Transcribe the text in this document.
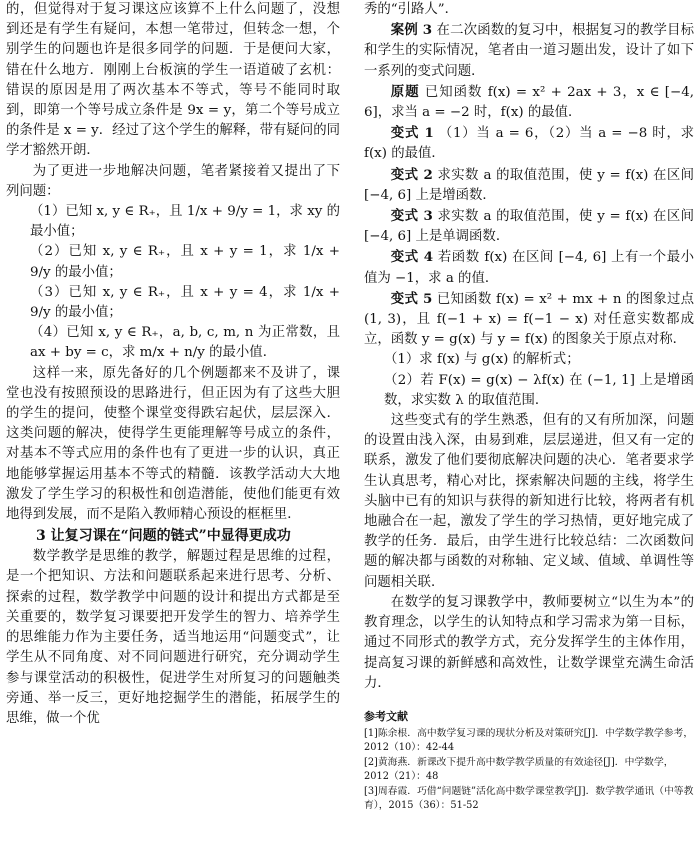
的，但觉得对于复习课这应该算不上什么问题了，没想到还是有学生有疑问，本想一笔带过，但转念一想，个别学生的问题也许是很多同学的问题．于是便问大家，错在什么地方．刚刚上台板演的学生一语道破了玄机：错误的原因是用了两次基本不等式，等号不能同时取到，即第一个等号成立条件是 9x = y，第二个等号成立的条件是 x = y．经过了这个学生的解释，带有疑问的同学才豁然开朗．

为了更进一步地解决问题，笔者紧接着又提出了下列问题：

（1）已知 x, y ∈ R₊，且 1/x + 9/y = 1，求 xy 的最小值；

（2）已知 x, y ∈ R₊，且 x + y = 1，求 1/x + 9/y 的最小值；

（3）已知 x, y ∈ R₊，且 x + y = 4，求 1/x + 9/y 的最小值；

（4）已知 x, y ∈ R₊，a, b, c, m, n 为正常数，且 ax + by = c，求 m/x + n/y 的最小值．

这样一来，原先备好的几个例题都来不及讲了，课堂也没有按照预设的思路进行，但正因为有了这些大胆的学生的提问，使整个课堂变得跌宕起伏，层层深入．这类问题的解决，使得学生更能理解等号成立的条件，对基本不等式应用的条件也有了更进一步的认识，真正地能够掌握运用基本不等式的精髓．该教学活动大大地激发了学生学习的积极性和创造潜能，使他们能更有效地得到发展，而不是陷入教师精心预设的框框里．

3 让复习课在“问题的链式”中显得更成功

数学教学是思维的教学，解题过程是思维的过程，是一个把知识、方法和问题联系起来进行思考、分析、探索的过程，数学教学中问题的设计和提出方式都是至关重要的，数学复习课要把开发学生的智力、培养学生的思维能力作为主要任务，适当地运用“问题变式”，让学生从不同角度、对不同问题进行研究，充分调动学生参与课堂活动的积极性，促进学生对所复习的问题触类旁通、举一反三，更好地挖掘学生的潜能，拓展学生的思维，做一个优

秀的“引路人”．

案例 3 在二次函数的复习中，根据复习的教学目标和学生的实际情况，笔者由一道习题出发，设计了如下一系列的变式问题．

原题 已知函数 f(x) = x² + 2ax + 3，x ∈ [−4, 6]，求当 a = −2 时，f(x) 的最值．

变式 1 （1）当 a = 6，（2）当 a = −8 时，求 f(x) 的最值．

变式 2 求实数 a 的取值范围，使 y = f(x) 在区间 [−4, 6] 上是增函数．

变式 3 求实数 a 的取值范围，使 y = f(x) 在区间 [−4, 6] 上是单调函数．

变式 4 若函数 f(x) 在区间 [−4, 6] 上有一个最小值为 −1，求 a 的值．

变式 5 已知函数 f(x) = x² + mx + n 的图象过点 (1, 3)，且 f(−1 + x) = f(−1 − x) 对任意实数都成立，函数 y = g(x) 与 y = f(x) 的图象关于原点对称．

（1）求 f(x) 与 g(x) 的解析式；

（2）若 F(x) = g(x) − λf(x) 在 (−1, 1] 上是增函数，求实数 λ 的取值范围．

这些变式有的学生熟悉，但有的又有所加深，问题的设置由浅入深，由易到难，层层递进，但又有一定的联系，激发了他们要彻底解决问题的决心．笔者要求学生认真思考，精心对比，探索解决问题的主线，将学生头脑中已有的知识与获得的新知进行比较，将两者有机地融合在一起，激发了学生的学习热情，更好地完成了教学的任务．最后，由学生进行比较总结：二次函数问题的解决都与函数的对称轴、定义域、值域、单调性等问题相关联．

在数学的复习课教学中，教师要树立“以生为本”的教育理念，以学生的认知特点和学习需求为第一目标，通过不同形式的教学方式，充分发挥学生的主体作用，提高复习课的新鲜感和高效性，让数学课堂充满生命活力．

参考文献

[1]陈余根．高中数学复习课的现状分析及对策研究[J]．中学数学教学参考，2012（10）：42-44

[2]黄海燕．新课改下提升高中数学教学质量的有效途径[J]．中学数学，2012（21）：48

[3]周春霞．巧借“问题链”活化高中数学课堂教学[J]．数学教学通讯（中等教育），2015（36）：51-52
